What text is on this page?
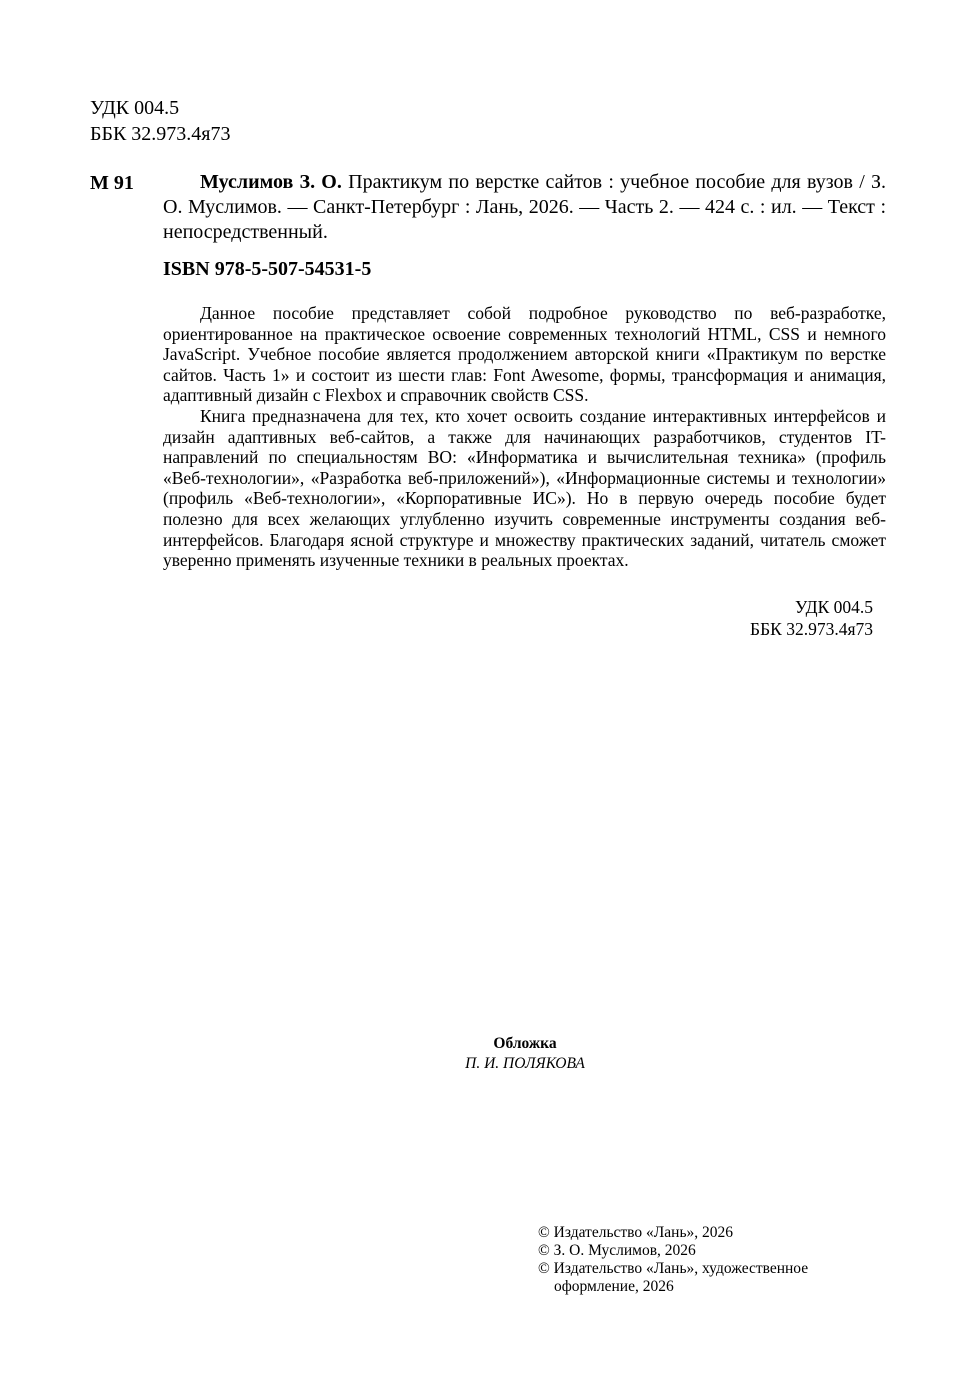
УДК 004.5
ББК 32.973.4я73
М 91	Муслимов З. О. Практикум по верстке сайтов : учебное пособие для вузов / З. О. Муслимов. — Санкт-Петербург : Лань, 2026. — Часть 2. — 424 с. : ил. — Текст : непосредственный.
ISBN 978-5-507-54531-5

Данное пособие представляет собой подробное руководство по веб-разработке, ориентированное на практическое освоение современных технологий HTML, CSS и немного JavaScript. Учебное пособие является продолжением авторской книги «Практикум по верстке сайтов. Часть 1» и состоит из шести глав: Font Awesome, формы, трансформация и анимация, адаптивный дизайн с Flexbox и справочник свойств CSS.

Книга предназначена для тех, кто хочет освоить создание интерактивных интерфейсов и дизайн адаптивных веб-сайтов, а также для начинающих разработчиков, студентов IT-направлений по специальностям ВО: «Информатика и вычислительная техника» (профиль «Веб-технологии», «Разработка веб-приложений»), «Информационные системы и технологии» (профиль «Веб-технологии», «Корпоративные ИС»). Но в первую очередь пособие будет полезно для всех желающих углубленно изучить современные инструменты создания веб-интерфейсов. Благодаря ясной структуре и множеству практических заданий, читатель сможет уверенно применять изученные техники в реальных проектах.

УДК 004.5
ББК 32.973.4я73
Обложка
П. И. ПОЛЯКОВА
© Издательство «Лань», 2026
© З. О. Муслимов, 2026
© Издательство «Лань», художественное оформление, 2026
